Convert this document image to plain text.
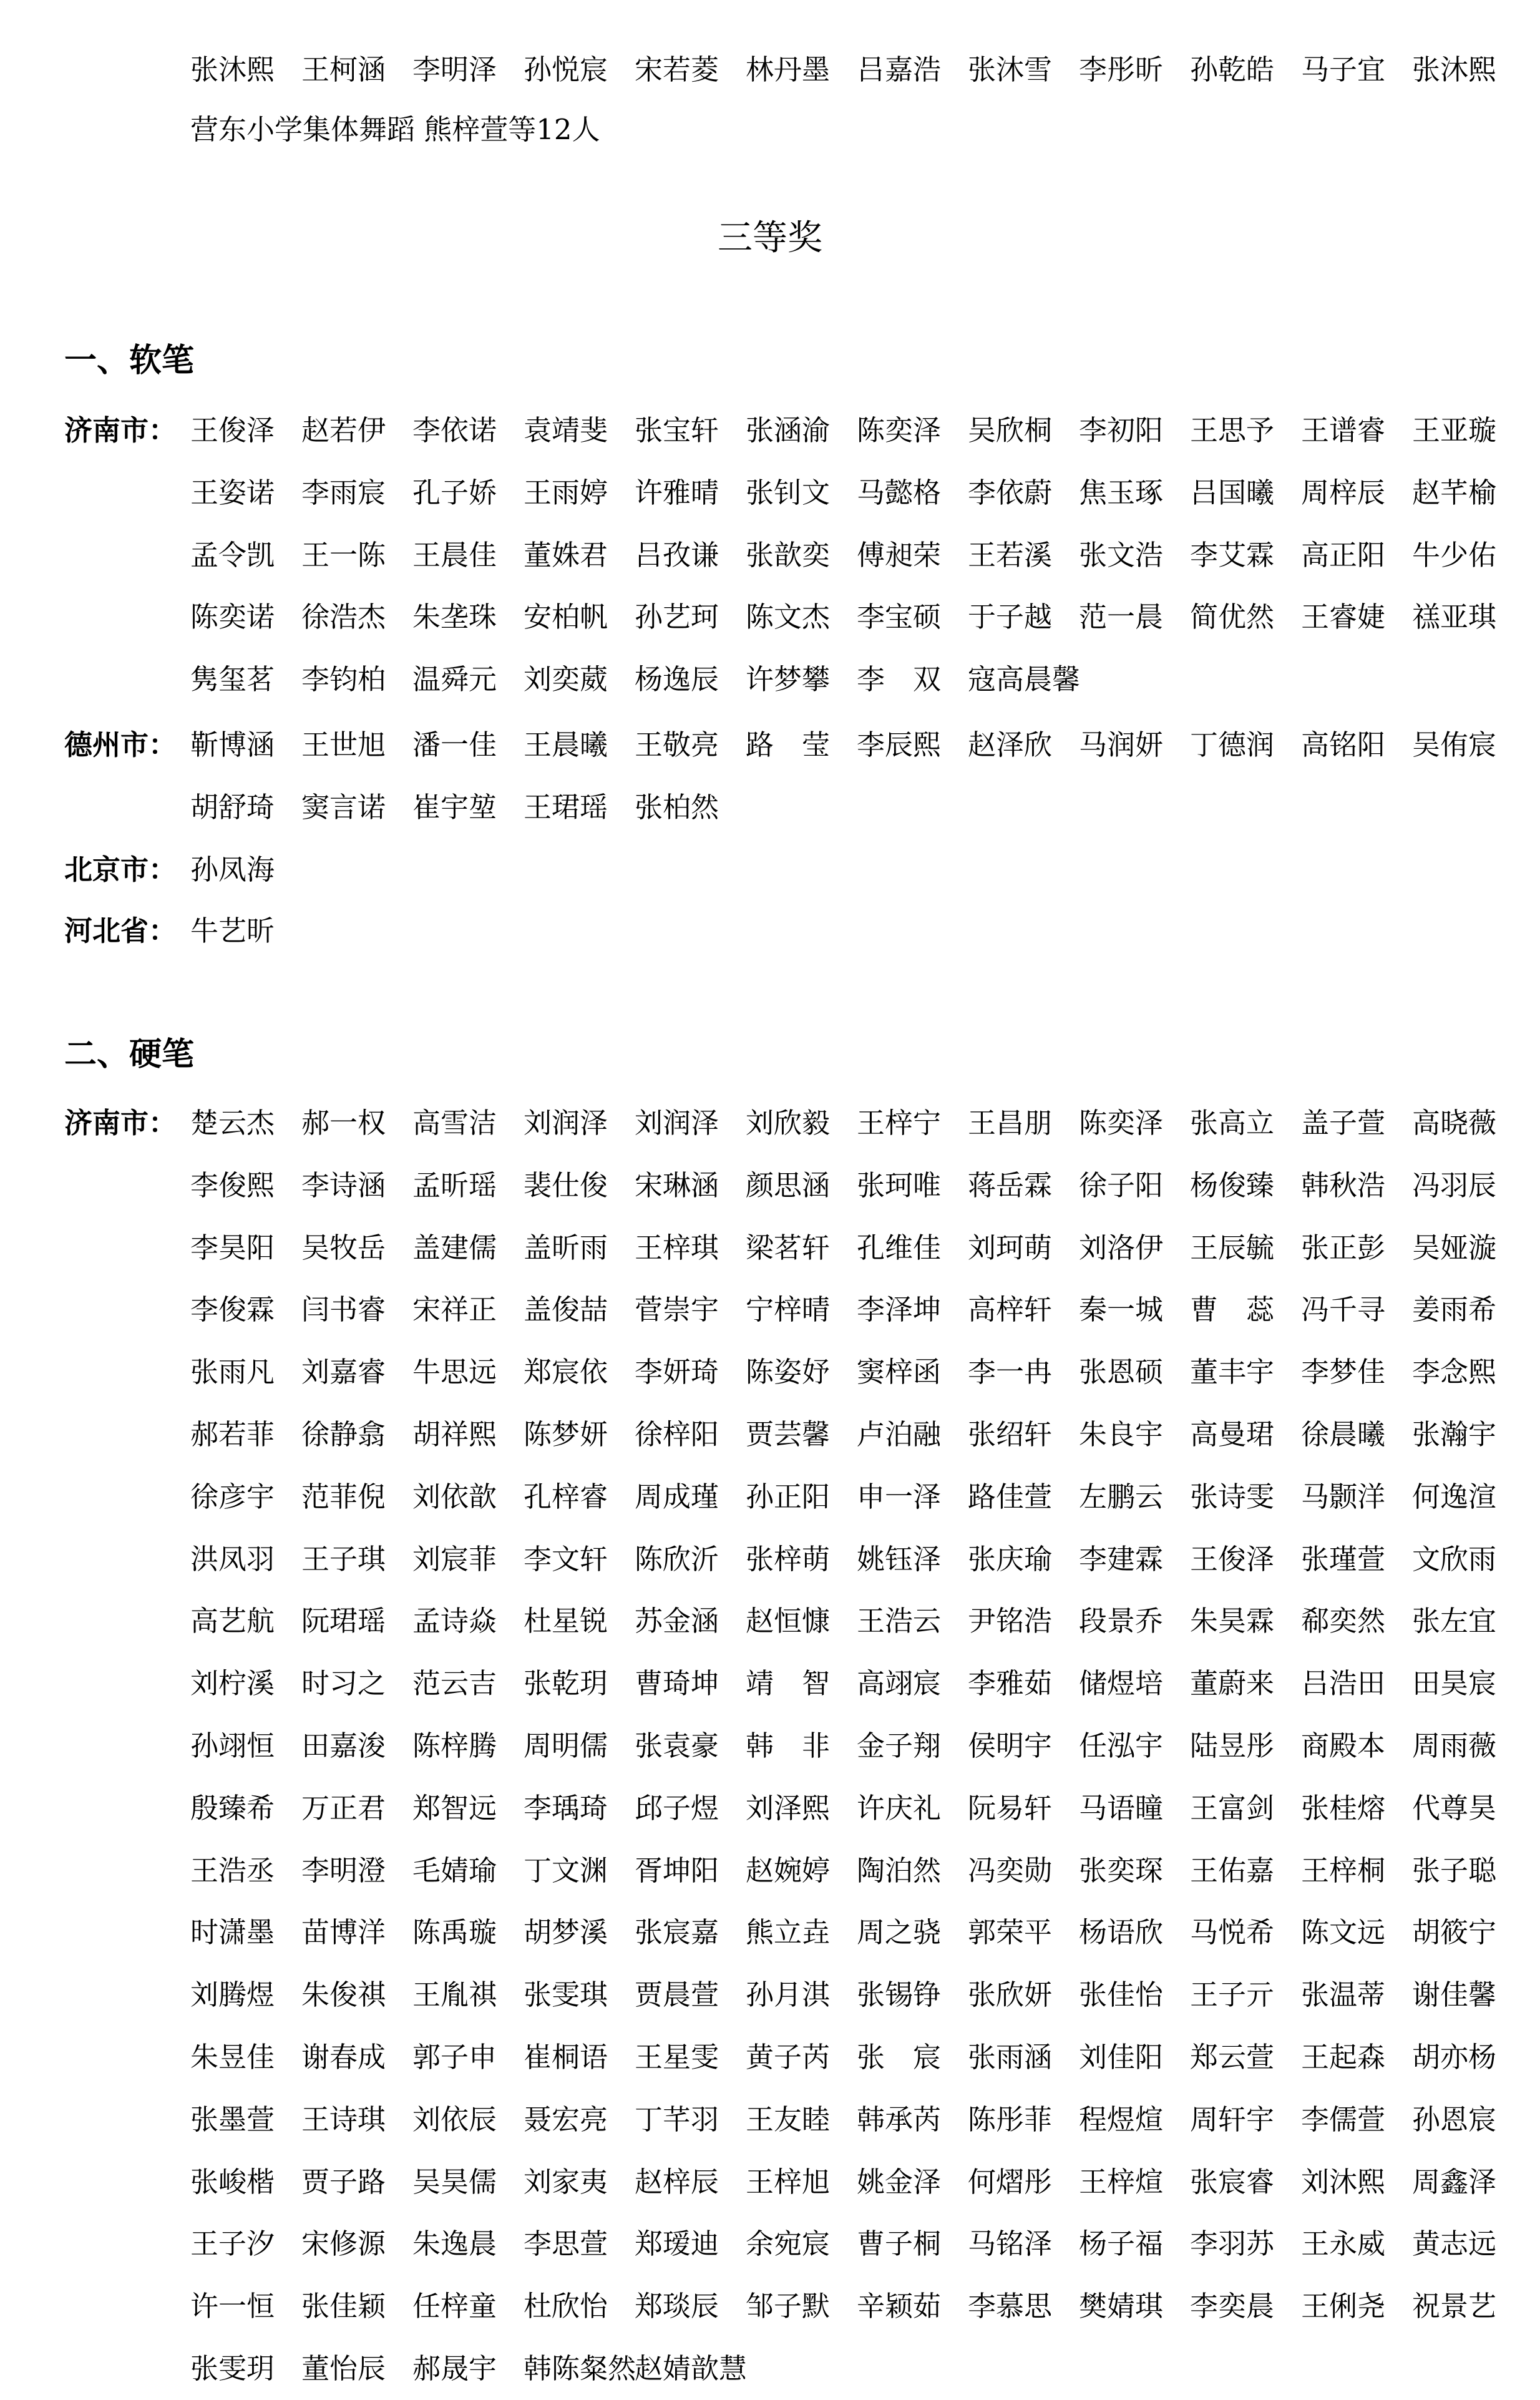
张沐熙 王柯涵 李明泽 孙悦宸 宋若菱 林丹墨 吕嘉浩 张沐雪 李彤昕 孙乾皓 马子宜 张沐熙
营东小学集体舞蹈 熊梓萱等12人
三等奖
一、软笔
济南市： 王俊泽 赵若伊 李依诺 袁靖斐 张宝轩 张涵渝 陈奕泽 吴欣桐 李初阳 王思予 王谱睿 王亚璇
王姿诺 李雨宸 孔子娇 王雨婷 许雅晴 张钊文 马懿格 李依蔚 焦玉琢 吕国曦 周梓辰 赵芊榆
孟令凯 王一陈 王晨佳 董姝君 吕孜谦 张歆奕 傅昶荣 王若溪 张文浩 李艾霖 高正阳 牛少佑
陈奕诺 徐浩杰 朱垄珠 安柏帆 孙艺珂 陈文杰 李宝硕 于子越 范一晨 简优然 王睿婕 禚亚琪
隽玺茗 李钧柏 温舜元 刘奕葳 杨逸辰 许梦攀 李　双 寇高晨馨
德州市： 靳博涵 王世旭 潘一佳 王晨曦 王敬亮 路　莹 李辰熙 赵泽欣 马润妍 丁德润 高铭阳 吴侑宸
胡舒琦 窦言诺 崔宇堃 王珺瑶 张柏然
北京市： 孙凤海
河北省： 牛艺昕
二、硬笔
济南市： 楚云杰 郝一权 高雪洁 刘润泽 刘润泽 刘欣毅 王梓宁 王昌朋 陈奕泽 张高立 盖子萱 高晓薇
李俊熙 李诗涵 孟昕瑶 裴仕俊 宋琳涵 颜思涵 张珂唯 蒋岳霖 徐子阳 杨俊臻 韩秋浩 冯羽辰
李昊阳 吴牧岳 盖建儒 盖昕雨 王梓琪 梁茗轩 孔维佳 刘珂萌 刘洛伊 王辰毓 张正彭 吴娅漩
李俊霖 闫书睿 宋祥正 盖俊喆 菅崇宇 宁梓晴 李泽坤 高梓轩 秦一城 曹　蕊 冯千寻 姜雨希
张雨凡 刘嘉睿 牛思远 郑宸依 李妍琦 陈姿妤 窦梓函 李一冉 张恩硕 董丰宇 李梦佳 李念熙
郝若菲 徐静翕 胡祥熙 陈梦妍 徐梓阳 贾芸馨 卢泊融 张绍轩 朱良宇 高曼珺 徐晨曦 张瀚宇
徐彦宇 范菲倪 刘依歆 孔梓睿 周成瑾 孙正阳 申一泽 路佳萱 左鹏云 张诗雯 马颢洋 何逸渲
洪凤羽 王子琪 刘宸菲 李文轩 陈欣沂 张梓萌 姚钰泽 张庆瑜 李建霖 王俊泽 张瑾萱 文欣雨
高艺航 阮珺瑶 孟诗焱 杜星锐 苏金涵 赵恒慷 王浩云 尹铭浩 段景乔 朱昊霖 郗奕然 张左宜
刘柠溪 时习之 范云吉 张乾玥 曹琦坤 靖　智 高翊宸 李雅茹 储煜培 董蔚来 吕浩田 田昊宸
孙翊恒 田嘉浚 陈梓腾 周明儒 张袁豪 韩　非 金子翔 侯明宇 任泓宇 陆昱彤 商殿本 周雨薇
殷臻希 万正君 郑智远 李瑀琦 邱子煜 刘泽熙 许庆礼 阮易轩 马语瞳 王富剑 张桂熔 代尊昊
王浩丞 李明澄 毛婧瑜 丁文渊 胥坤阳 赵婉婷 陶泊然 冯奕勋 张奕琛 王佑嘉 王梓桐 张子聪
时潇墨 苗博洋 陈禹璇 胡梦溪 张宸嘉 熊立垚 周之骁 郭荣平 杨语欣 马悦希 陈文远 胡筱宁
刘腾煜 朱俊祺 王胤祺 张雯琪 贾晨萱 孙月淇 张锡铮 张欣妍 张佳怡 王子亓 张温蒂 谢佳馨
朱昱佳 谢春成 郭子申 崔桐语 王星雯 黄子芮 张　宸 张雨涵 刘佳阳 郑云萱 王起森 胡亦杨
张墨萱 王诗琪 刘依辰 聂宏亮 丁芊羽 王友睦 韩承芮 陈彤菲 程煜煊 周轩宇 李儒萱 孙恩宸
张峻楷 贾子路 吴昊儒 刘家夷 赵梓辰 王梓旭 姚金泽 何熠彤 王梓煊 张宸睿 刘沐熙 周鑫泽
王子汐 宋修源 朱逸晨 李思萱 郑瑷迪 余宛宸 曹子桐 马铭泽 杨子福 李羽苏 王永威 黄志远
许一恒 张佳颖 任梓童 杜欣怡 郑琰辰 邹子默 辛颖茹 李慕思 樊婧琪 李奕晨 王俐尧 祝景艺
张雯玥 董怡辰 郝晟宇 韩陈粲然
赵婧歆慧
